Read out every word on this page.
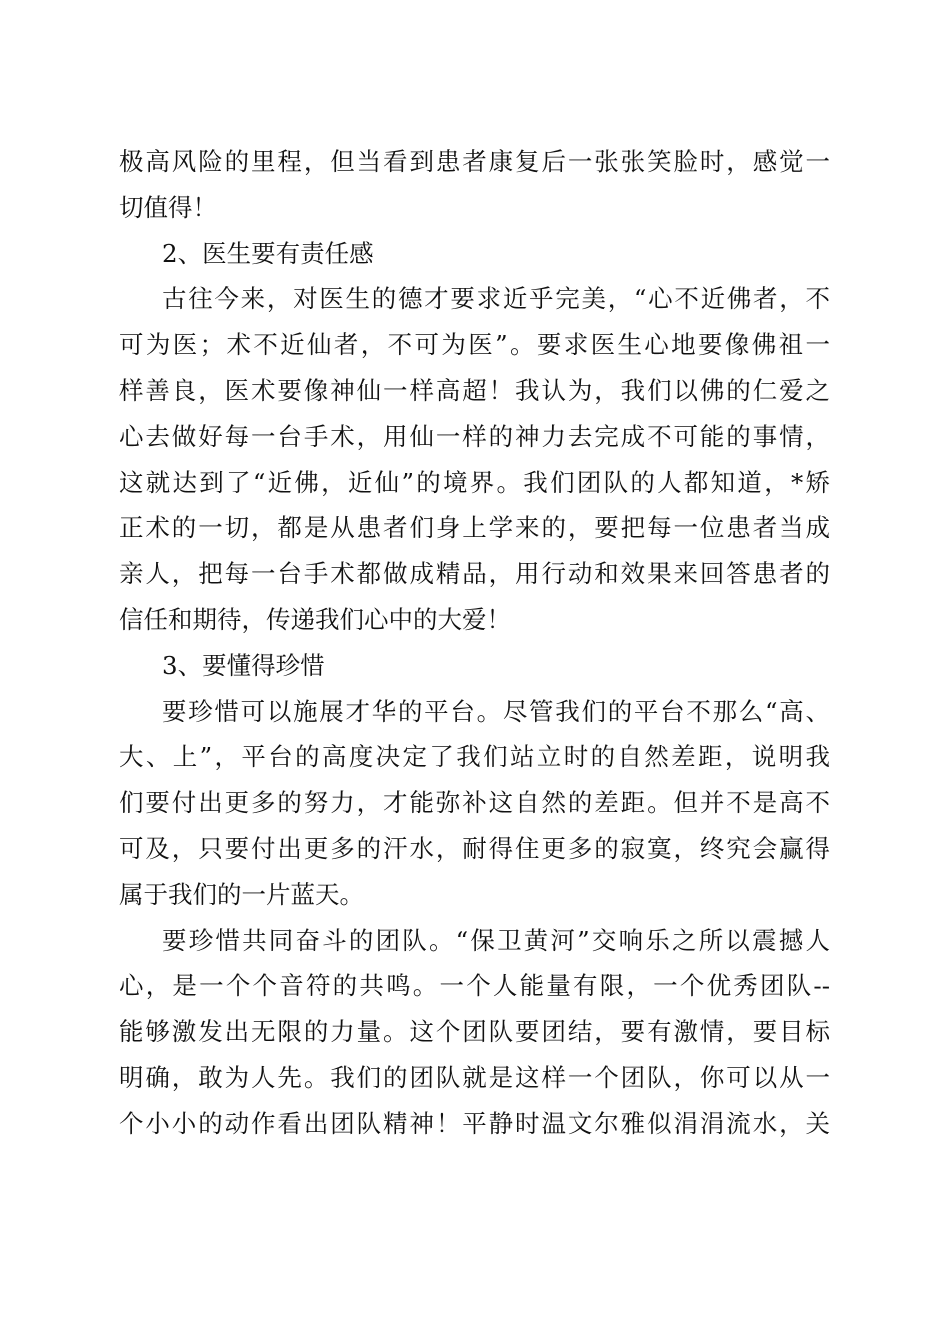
极高风险的里程，但当看到患者康复后一张张笑脸时，感觉一
切值得！
2、医生要有责任感
古往今来，对医生的德才要求近乎完美，“心不近佛者，不
可为医；术不近仙者，不可为医”。要求医生心地要像佛祖一
样善良，医术要像神仙一样高超！我认为，我们以佛的仁爱之
心去做好每一台手术，用仙一样的神力去完成不可能的事情，
这就达到了“近佛，近仙”的境界。我们团队的人都知道，*矫
正术的一切，都是从患者们身上学来的，要把每一位患者当成
亲人，把每一台手术都做成精品，用行动和效果来回答患者的
信任和期待，传递我们心中的大爱！
3、要懂得珍惜
要珍惜可以施展才华的平台。尽管我们的平台不那么“高、
大、上”，平台的高度决定了我们站立时的自然差距，说明我
们要付出更多的努力，才能弥补这自然的差距。但并不是高不
可及，只要付出更多的汗水，耐得住更多的寂寞，终究会赢得
属于我们的一片蓝天。
要珍惜共同奋斗的团队。“保卫黄河”交响乐之所以震撼人
心，是一个个音符的共鸣。一个人能量有限，一个优秀团队--
能够激发出无限的力量。这个团队要团结，要有激情，要目标
明确，敢为人先。我们的团队就是这样一个团队，你可以从一
个小小的动作看出团队精神！平静时温文尔雅似涓涓流水，关
